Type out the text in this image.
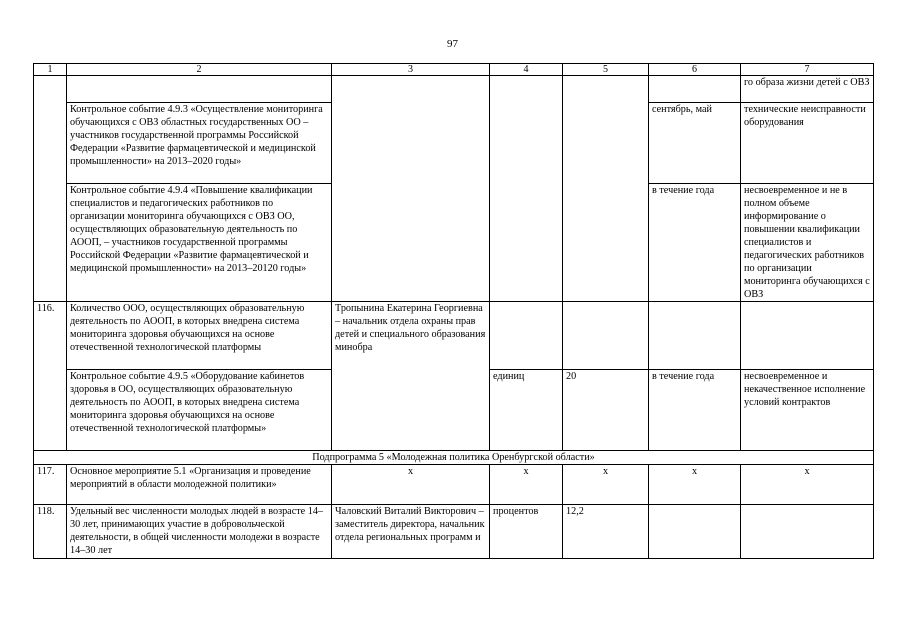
97
1	2	3	4	5	6	7
						го образа жизни детей с ОВЗ
	Контрольное событие 4.9.3 «Осуществление мониторинга обучающихся с ОВЗ областных государственных ОО – участников государственной программы Российской Федерации «Развитие фармацевтической и медицинской промышленности» на 2013–2020 годы»				сентябрь, май	технические неисправности оборудования
	Контрольное событие 4.9.4 «Повышение квалификации специалистов и педагогических работников по организации мониторинга обучающихся с ОВЗ ОО, осуществляющих образовательную деятельность по АООП, – участников государственной программы Российской Федерации «Развитие фармацевтической и медицинской промышленности» на 2013–20120 годы»				в течение года	несвоевременное и не в полном объеме информирование о повышении квалификации специалистов и педагогических работников по организации мониторинга обучающихся с ОВЗ
116.	Количество ООО, осуществляющих образовательную деятельность по АООП, в которых внедрена система мониторинга здоровья обучающихся на основе отечественной технологической платформы	Тропынина Екатерина Георгиевна – начальник отдела охраны прав детей и специального образования минобра				
	Контрольное событие 4.9.5 «Оборудование кабинетов здоровья в ОО, осуществляющих образовательную деятельность по АООП, в которых внедрена система мониторинга здоровья обучающихся на основе отечественной технологической платформы»		единиц	20	в течение года	несвоевременное и некачественное исполнение условий контрактов
Подпрограмма 5 «Молодежная политика Оренбургской области»						
117.	Основное мероприятие 5.1 «Организация и проведение мероприятий в области молодежной политики»	х	х	х	х	х
118.	Удельный вес численности молодых людей в возрасте 14–30 лет, принимающих участие в добровольческой деятельности, в общей численности молодежи в возрасте 14–30 лет	Чаловский Виталий Викторович – заместитель директора, начальник отдела региональных программ и	процентов	12,2		
